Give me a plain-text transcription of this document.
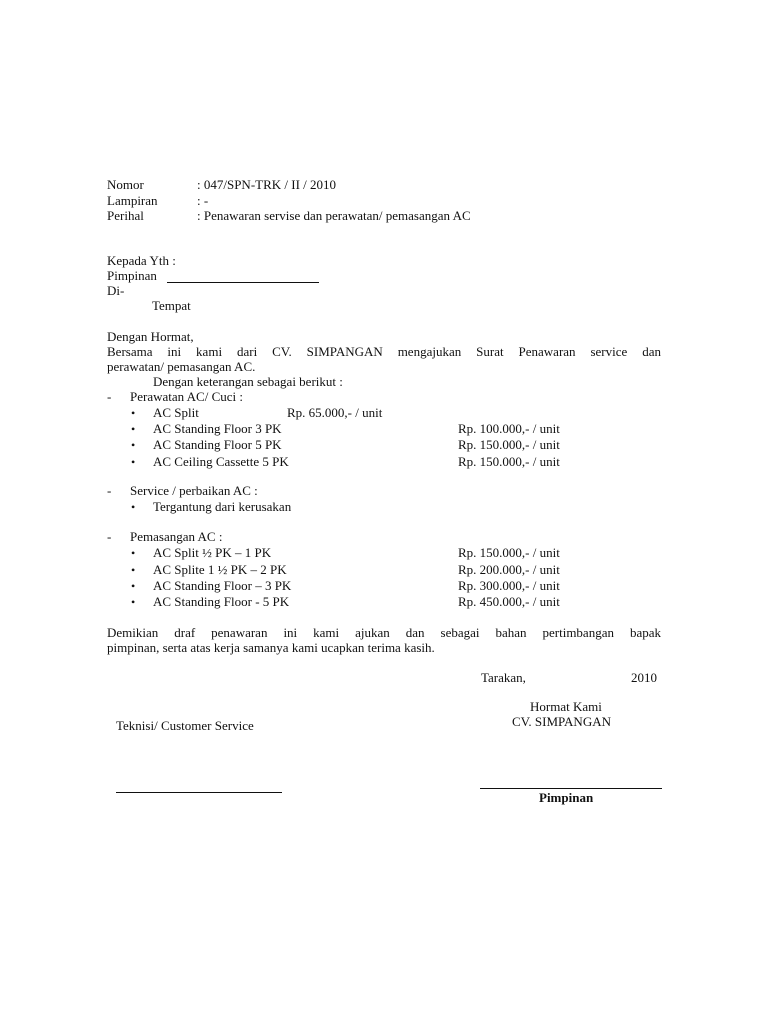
Nomor	: 047/SPN-TRK / II / 2010
Lampiran	: -
Perihal	: Penawaran servise dan perawatan/ pemasangan AC
Kepada Yth :
Pimpinan
Di-
Tempat
Dengan Hormat,
Bersama ini kami dari CV. SIMPANGAN mengajukan Surat Penawaran service dan
perawatan/ pemasangan AC.
Dengan keterangan sebagai berikut :
- Perawatan AC/ Cuci :
• AC Split	Rp. 65.000,- / unit
• AC Standing Floor 3 PK	Rp. 100.000,- / unit
• AC Standing Floor 5 PK	Rp. 150.000,- / unit
• AC Ceiling Cassette 5 PK	Rp. 150.000,- / unit
- Service / perbaikan AC :
• Tergantung dari kerusakan
- Pemasangan AC :
• AC Split ½ PK – 1 PK	Rp. 150.000,- / unit
• AC Splite 1 ½ PK – 2 PK	Rp. 200.000,- / unit
• AC Standing Floor – 3 PK	Rp. 300.000,- / unit
• AC Standing Floor - 5 PK	Rp. 450.000,- / unit
Demikian draf penawaran ini kami ajukan dan sebagai bahan pertimbangan bapak
pimpinan, serta atas kerja samanya kami ucapkan terima kasih.
Tarakan,	2010
Hormat Kami
CV. SIMPANGAN
Teknisi/ Customer Service
Pimpinan
